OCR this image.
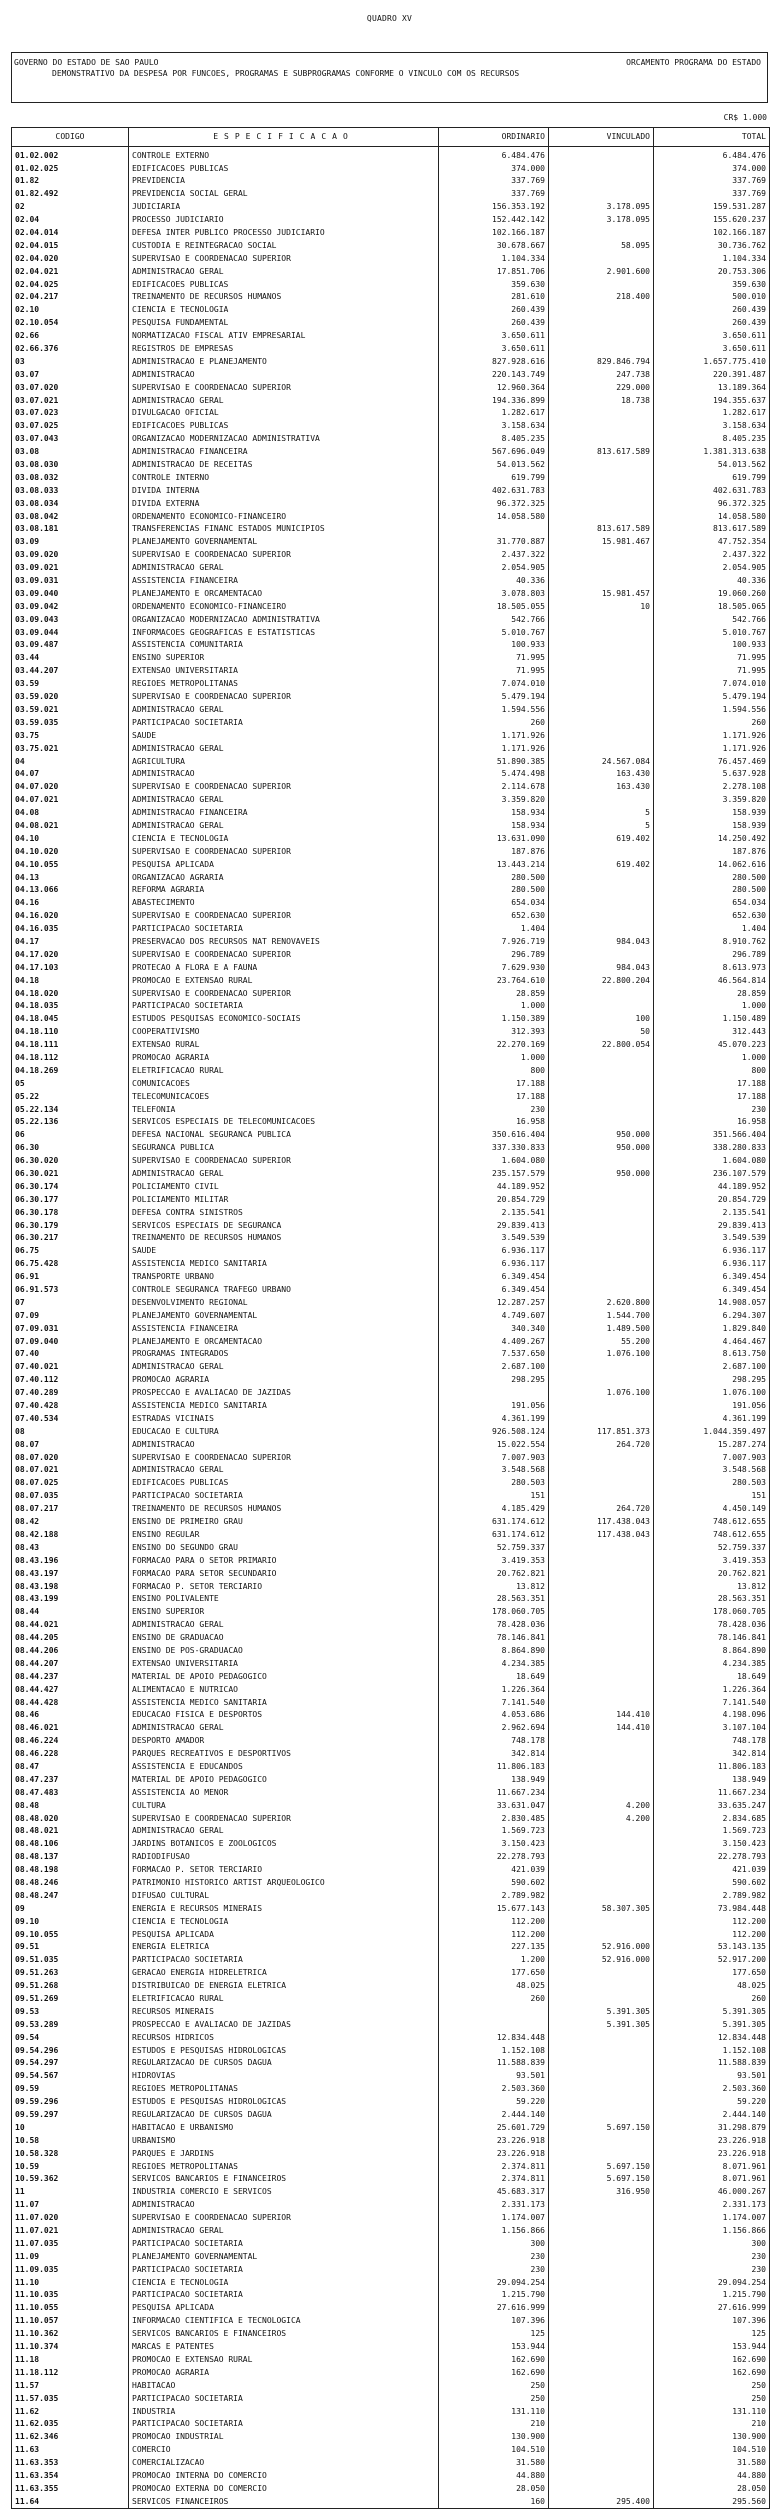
QUADRO XV
GOVERNO DO ESTADO DE SAO PAULO	ORCAMENTO PROGRAMA DO ESTADO
DEMONSTRATIVO DA DESPESA POR FUNCOES, PROGRAMAS E SUBPROGRAMAS CONFORME O VINCULO COM OS RECURSOS
CR$ 1.000
CODIGO	ESPECIFICACAO	ORDINARIO	VINCULADO	TOTAL
01.02.002	CONTROLE EXTERNO	6.484.476		6.484.476
01.02.025	EDIFICACOES PUBLICAS	374.000		374.000
01.82	PREVIDENCIA	337.769		337.769
01.82.492	PREVIDENCIA SOCIAL GERAL	337.769		337.769
02	JUDICIARIA	156.353.192	3.178.095	159.531.287
02.04	PROCESSO JUDICIARIO	152.442.142	3.178.095	155.620.237
02.04.014	DEFESA INTER PUBLICO PROCESSO JUDICIARIO	102.166.187		102.166.187
02.04.015	CUSTODIA E REINTEGRACAO SOCIAL	30.678.667	58.095	30.736.762
02.04.020	SUPERVISAO E COORDENACAO SUPERIOR	1.104.334		1.104.334
02.04.021	ADMINISTRACAO GERAL	17.851.706	2.901.600	20.753.306
02.04.025	EDIFICACOES PUBLICAS	359.630		359.630
02.04.217	TREINAMENTO DE RECURSOS HUMANOS	281.610	218.400	500.010
02.10	CIENCIA E TECNOLOGIA	260.439		260.439
02.10.054	PESQUISA FUNDAMENTAL	260.439		260.439
02.66	NORMATIZACAO FISCAL ATIV EMPRESARIAL	3.650.611		3.650.611
02.66.376	REGISTROS DE EMPRESAS	3.650.611		3.650.611
03	ADMINISTRACAO E PLANEJAMENTO	827.928.616	829.846.794	1.657.775.410
03.07	ADMINISTRACAO	220.143.749	247.738	220.391.487
03.07.020	SUPERVISAO E COORDENACAO SUPERIOR	12.960.364	229.000	13.189.364
03.07.021	ADMINISTRACAO GERAL	194.336.899	18.738	194.355.637
03.07.023	DIVULGACAO OFICIAL	1.282.617		1.282.617
03.07.025	EDIFICACOES PUBLICAS	3.158.634		3.158.634
03.07.043	ORGANIZACAO MODERNIZACAO ADMINISTRATIVA	8.405.235		8.405.235
03.08	ADMINISTRACAO FINANCEIRA	567.696.049	813.617.589	1.381.313.638
03.08.030	ADMINISTRACAO DE RECEITAS	54.013.562		54.013.562
03.08.032	CONTROLE INTERNO	619.799		619.799
03.08.033	DIVIDA INTERNA	402.631.783		402.631.783
03.08.034	DIVIDA EXTERNA	96.372.325		96.372.325
03.08.042	ORDENAMENTO ECONOMICO-FINANCEIRO	14.058.580		14.058.580
03.08.181	TRANSFERENCIAS FINANC ESTADOS MUNICIPIOS		813.617.589	813.617.589
03.09	PLANEJAMENTO GOVERNAMENTAL	31.770.887	15.981.467	47.752.354
03.09.020	SUPERVISAO E COORDENACAO SUPERIOR	2.437.322		2.437.322
03.09.021	ADMINISTRACAO GERAL	2.054.905		2.054.905
03.09.031	ASSISTENCIA FINANCEIRA	40.336		40.336
03.09.040	PLANEJAMENTO E ORCAMENTACAO	3.078.803	15.981.457	19.060.260
03.09.042	ORDENAMENTO ECONOMICO-FINANCEIRO	18.505.055	10	18.505.065
03.09.043	ORGANIZACAO MODERNIZACAO ADMINISTRATIVA	542.766		542.766
03.09.044	INFORMACOES GEOGRAFICAS E ESTATISTICAS	5.010.767		5.010.767
03.09.487	ASSISTENCIA COMUNITARIA	100.933		100.933
03.44	ENSINO SUPERIOR	71.995		71.995
03.44.207	EXTENSAO UNIVERSITARIA	71.995		71.995
03.59	REGIOES METROPOLITANAS	7.074.010		7.074.010
03.59.020	SUPERVISAO E COORDENACAO SUPERIOR	5.479.194		5.479.194
03.59.021	ADMINISTRACAO GERAL	1.594.556		1.594.556
03.59.035	PARTICIPACAO SOCIETARIA	260		260
03.75	SAUDE	1.171.926		1.171.926
03.75.021	ADMINISTRACAO GERAL	1.171.926		1.171.926
04	AGRICULTURA	51.890.385	24.567.084	76.457.469
04.07	ADMINISTRACAO	5.474.498	163.430	5.637.928
04.07.020	SUPERVISAO E COORDENACAO SUPERIOR	2.114.678	163.430	2.278.108
04.07.021	ADMINISTRACAO GERAL	3.359.820		3.359.820
04.08	ADMINISTRACAO FINANCEIRA	158.934	5	158.939
04.08.021	ADMINISTRACAO GERAL	158.934	5	158.939
04.10	CIENCIA E TECNOLOGIA	13.631.090	619.402	14.250.492
04.10.020	SUPERVISAO E COORDENACAO SUPERIOR	187.876		187.876
04.10.055	PESQUISA APLICADA	13.443.214	619.402	14.062.616
04.13	ORGANIZACAO AGRARIA	280.500		280.500
04.13.066	REFORMA AGRARIA	280.500		280.500
04.16	ABASTECIMENTO	654.034		654.034
04.16.020	SUPERVISAO E COORDENACAO SUPERIOR	652.630		652.630
04.16.035	PARTICIPACAO SOCIETARIA	1.404		1.404
04.17	PRESERVACAO DOS RECURSOS NAT RENOVAVEIS	7.926.719	984.043	8.910.762
04.17.020	SUPERVISAO E COORDENACAO SUPERIOR	296.789		296.789
04.17.103	PROTECAO A FLORA E A FAUNA	7.629.930	984.043	8.613.973
04.18	PROMOCAO E EXTENSAO RURAL	23.764.610	22.800.204	46.564.814
04.18.020	SUPERVISAO E COORDENACAO SUPERIOR	28.859		28.859
04.18.035	PARTICIPACAO SOCIETARIA	1.000		1.000
04.18.045	ESTUDOS PESQUISAS ECONOMICO-SOCIAIS	1.150.389	100	1.150.489
04.18.110	COOPERATIVISMO	312.393	50	312.443
04.18.111	EXTENSAO RURAL	22.270.169	22.800.054	45.070.223
04.18.112	PROMOCAO AGRARIA	1.000		1.000
04.18.269	ELETRIFICACAO RURAL	800		800
05	COMUNICACOES	17.188		17.188
05.22	TELECOMUNICACOES	17.188		17.188
05.22.134	TELEFONIA	230		230
05.22.136	SERVICOS ESPECIAIS DE TELECOMUNICACOES	16.958		16.958
06	DEFESA NACIONAL SEGURANCA PUBLICA	350.616.404	950.000	351.566.404
06.30	SEGURANCA PUBLICA	337.330.833	950.000	338.280.833
06.30.020	SUPERVISAO E COORDENACAO SUPERIOR	1.604.080		1.604.080
06.30.021	ADMINISTRACAO GERAL	235.157.579	950.000	236.107.579
06.30.174	POLICIAMENTO CIVIL	44.189.952		44.189.952
06.30.177	POLICIAMENTO MILITAR	20.854.729		20.854.729
06.30.178	DEFESA CONTRA SINISTROS	2.135.541		2.135.541
06.30.179	SERVICOS ESPECIAIS DE SEGURANCA	29.839.413		29.839.413
06.30.217	TREINAMENTO DE RECURSOS HUMANOS	3.549.539		3.549.539
06.75	SAUDE	6.936.117		6.936.117
06.75.428	ASSISTENCIA MEDICO SANITARIA	6.936.117		6.936.117
06.91	TRANSPORTE URBANO	6.349.454		6.349.454
06.91.573	CONTROLE SEGURANCA TRAFEGO URBANO	6.349.454		6.349.454
07	DESENVOLVIMENTO REGIONAL	12.287.257	2.620.800	14.908.057
07.09	PLANEJAMENTO GOVERNAMENTAL	4.749.607	1.544.700	6.294.307
07.09.031	ASSISTENCIA FINANCEIRA	340.340	1.489.500	1.829.840
07.09.040	PLANEJAMENTO E ORCAMENTACAO	4.409.267	55.200	4.464.467
07.40	PROGRAMAS INTEGRADOS	7.537.650	1.076.100	8.613.750
07.40.021	ADMINISTRACAO GERAL	2.687.100		2.687.100
07.40.112	PROMOCAO AGRARIA	298.295		298.295
07.40.289	PROSPECCAO E AVALIACAO DE JAZIDAS		1.076.100	1.076.100
07.40.428	ASSISTENCIA MEDICO SANITARIA	191.056		191.056
07.40.534	ESTRADAS VICINAIS	4.361.199		4.361.199
08	EDUCACAO E CULTURA	926.508.124	117.851.373	1.044.359.497
08.07	ADMINISTRACAO	15.022.554	264.720	15.287.274
08.07.020	SUPERVISAO E COORDENACAO SUPERIOR	7.007.903		7.007.903
08.07.021	ADMINISTRACAO GERAL	3.548.568		3.548.568
08.07.025	EDIFICACOES PUBLICAS	280.503		280.503
08.07.035	PARTICIPACAO SOCIETARIA	151		151
08.07.217	TREINAMENTO DE RECURSOS HUMANOS	4.185.429	264.720	4.450.149
08.42	ENSINO DE PRIMEIRO GRAU	631.174.612	117.438.043	748.612.655
08.42.188	ENSINO REGULAR	631.174.612	117.438.043	748.612.655
08.43	ENSINO DO SEGUNDO GRAU	52.759.337		52.759.337
08.43.196	FORMACAO PARA O SETOR PRIMARIO	3.419.353		3.419.353
08.43.197	FORMACAO PARA SETOR SECUNDARIO	20.762.821		20.762.821
08.43.198	FORMACAO P. SETOR TERCIARIO	13.812		13.812
08.43.199	ENSINO POLIVALENTE	28.563.351		28.563.351
08.44	ENSINO SUPERIOR	178.060.705		178.060.705
08.44.021	ADMINISTRACAO GERAL	78.428.036		78.428.036
08.44.205	ENSINO DE GRADUACAO	78.146.841		78.146.841
08.44.206	ENSINO DE POS-GRADUACAO	8.864.890		8.864.890
08.44.207	EXTENSAO UNIVERSITARIA	4.234.385		4.234.385
08.44.237	MATERIAL DE APOIO PEDAGOGICO	18.649		18.649
08.44.427	ALIMENTACAO E NUTRICAO	1.226.364		1.226.364
08.44.428	ASSISTENCIA MEDICO SANITARIA	7.141.540		7.141.540
08.46	EDUCACAO FISICA E DESPORTOS	4.053.686	144.410	4.198.096
08.46.021	ADMINISTRACAO GERAL	2.962.694	144.410	3.107.104
08.46.224	DESPORTO AMADOR	748.178		748.178
08.46.228	PARQUES RECREATIVOS E DESPORTIVOS	342.814		342.814
08.47	ASSISTENCIA E EDUCANDOS	11.806.183		11.806.183
08.47.237	MATERIAL DE APOIO PEDAGOGICO	138.949		138.949
08.47.483	ASSISTENCIA AO MENOR	11.667.234		11.667.234
08.48	CULTURA	33.631.047	4.200	33.635.247
08.48.020	SUPERVISAO E COORDENACAO SUPERIOR	2.830.485	4.200	2.834.685
08.48.021	ADMINISTRACAO GERAL	1.569.723		1.569.723
08.48.106	JARDINS BOTANICOS E ZOOLOGICOS	3.150.423		3.150.423
08.48.137	RADIODIFUSAO	22.278.793		22.278.793
08.48.198	FORMACAO P. SETOR TERCIARIO	421.039		421.039
08.48.246	PATRIMONIO HISTORICO ARTIST ARQUEOLOGICO	590.602		590.602
08.48.247	DIFUSAO CULTURAL	2.789.982		2.789.982
09	ENERGIA E RECURSOS MINERAIS	15.677.143	58.307.305	73.984.448
09.10	CIENCIA E TECNOLOGIA	112.200		112.200
09.10.055	PESQUISA APLICADA	112.200		112.200
09.51	ENERGIA ELETRICA	227.135	52.916.000	53.143.135
09.51.035	PARTICIPACAO SOCIETARIA	1.200	52.916.000	52.917.200
09.51.263	GERACAO ENERGIA HIDRELETRICA	177.650		177.650
09.51.268	DISTRIBUICAO DE ENERGIA ELETRICA	48.025		48.025
09.51.269	ELETRIFICACAO RURAL	260		260
09.53	RECURSOS MINERAIS		5.391.305	5.391.305
09.53.289	PROSPECCAO E AVALIACAO DE JAZIDAS		5.391.305	5.391.305
09.54	RECURSOS HIDRICOS	12.834.448		12.834.448
09.54.296	ESTUDOS E PESQUISAS HIDROLOGICAS	1.152.108		1.152.108
09.54.297	REGULARIZACAO DE CURSOS DAGUA	11.588.839		11.588.839
09.54.567	HIDROVIAS	93.501		93.501
09.59	REGIOES METROPOLITANAS	2.503.360		2.503.360
09.59.296	ESTUDOS E PESQUISAS HIDROLOGICAS	59.220		59.220
09.59.297	REGULARIZACAO DE CURSOS DAGUA	2.444.140		2.444.140
10	HABITACAO E URBANISMO	25.601.729	5.697.150	31.298.879
10.58	URBANISMO	23.226.918		23.226.918
10.58.328	PARQUES E JARDINS	23.226.918		23.226.918
10.59	REGIOES METROPOLITANAS	2.374.811	5.697.150	8.071.961
10.59.362	SERVICOS BANCARIOS E FINANCEIROS	2.374.811	5.697.150	8.071.961
11	INDUSTRIA COMERCIO E SERVICOS	45.683.317	316.950	46.000.267
11.07	ADMINISTRACAO	2.331.173		2.331.173
11.07.020	SUPERVISAO E COORDENACAO SUPERIOR	1.174.007		1.174.007
11.07.021	ADMINISTRACAO GERAL	1.156.866		1.156.866
11.07.035	PARTICIPACAO SOCIETARIA	300		300
11.09	PLANEJAMENTO GOVERNAMENTAL	230		230
11.09.035	PARTICIPACAO SOCIETARIA	230		230
11.10	CIENCIA E TECNOLOGIA	29.094.254		29.094.254
11.10.035	PARTICIPACAO SOCIETARIA	1.215.790		1.215.790
11.10.055	PESQUISA APLICADA	27.616.999		27.616.999
11.10.057	INFORMACAO CIENTIFICA E TECNOLOGICA	107.396		107.396
11.10.362	SERVICOS BANCARIOS E FINANCEIROS	125		125
11.10.374	MARCAS E PATENTES	153.944		153.944
11.18	PROMOCAO E EXTENSAO RURAL	162.690		162.690
11.18.112	PROMOCAO AGRARIA	162.690		162.690
11.57	HABITACAO	250		250
11.57.035	PARTICIPACAO SOCIETARIA	250		250
11.62	INDUSTRIA	131.110		131.110
11.62.035	PARTICIPACAO SOCIETARIA	210		210
11.62.346	PROMOCAO INDUSTRIAL	130.900		130.900
11.63	COMERCIO	104.510		104.510
11.63.353	COMERCIALIZACAO	31.580		31.580
11.63.354	PROMOCAO INTERNA DO COMERCIO	44.880		44.880
11.63.355	PROMOCAO EXTERNA DO COMERCIO	28.050		28.050
11.64	SERVICOS FINANCEIROS	160	295.400	295.560
